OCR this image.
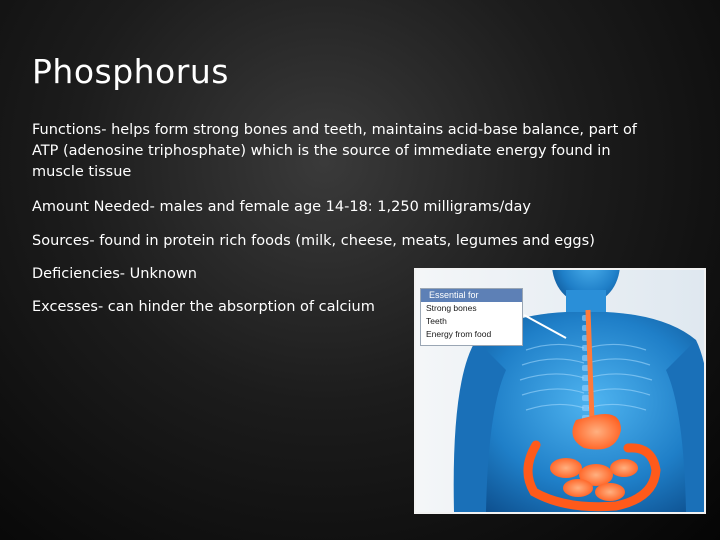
Phosphorus

Functions- helps form strong bones and teeth, maintains acid-base balance, part of ATP (adenosine triphosphate) which is the source of immediate energy found in muscle tissue

Amount Needed- males and female age 14-18: 1,250 milligrams/day

Sources- found in protein rich foods (milk, cheese, meats, legumes and eggs)

Deficiencies- Unknown

Excesses- can hinder the absorption of calcium

Essential for
Strong bones
Teeth
Energy from food
